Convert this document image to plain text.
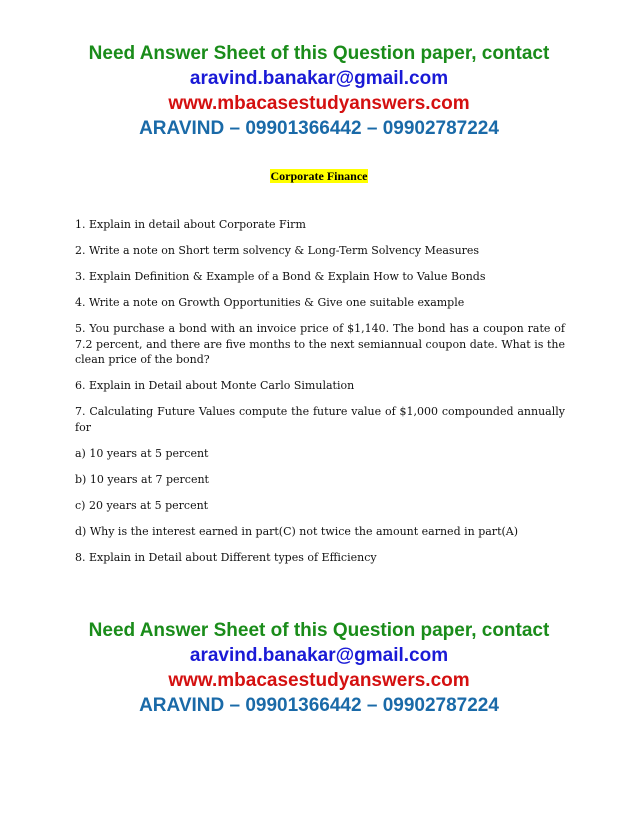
Need Answer Sheet of this Question paper, contact
aravind.banakar@gmail.com
www.mbacasestudyanswers.com
ARAVIND – 09901366442 – 09902787224
Corporate Finance

1. Explain in detail about Corporate Firm

2. Write a note on Short term solvency & Long-Term Solvency Measures

3. Explain Definition & Example of a Bond & Explain How to Value Bonds

4. Write a note on Growth Opportunities & Give one suitable example

5. You purchase a bond with an invoice price of $1,140. The bond has a coupon rate of 7.2 percent, and there are five months to the next semiannual coupon date. What is the clean price of the bond?

6. Explain in Detail about Monte Carlo Simulation

7. Calculating Future Values compute the future value of $1,000 compounded annually for

a) 10 years at 5 percent

b) 10 years at 7 percent

c) 20 years at 5 percent

d) Why is the interest earned in part(C) not twice the amount earned in part(A)

8. Explain in Detail about Different types of Efficiency

Need Answer Sheet of this Question paper, contact
aravind.banakar@gmail.com
www.mbacasestudyanswers.com
ARAVIND – 09901366442 – 09902787224
